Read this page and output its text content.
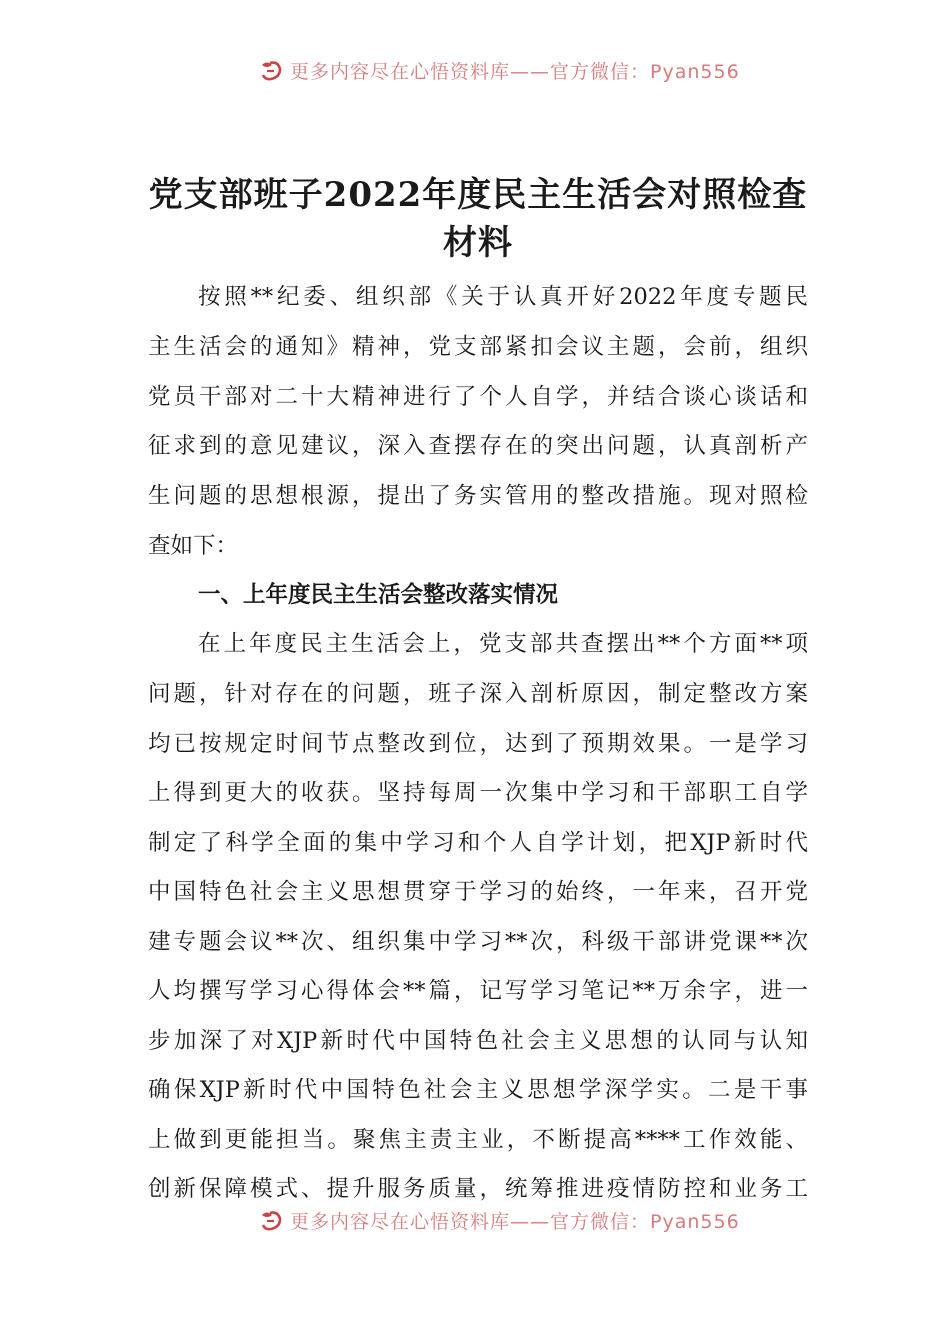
更多内容尽在心悟资料库——官方微信：Pyan556
党支部班子2022年度民主生活会对照检查
材料
按照**纪委、组织部《关于认真开好2022年度专题民
主生活会的通知》精神，党支部紧扣会议主题，会前，组织
党员干部对二十大精神进行了个人自学，并结合谈心谈话和
征求到的意见建议，深入查摆存在的突出问题，认真剖析产
生问题的思想根源，提出了务实管用的整改措施。现对照检
查如下：
一、上年度民主生活会整改落实情况
在上年度民主生活会上，党支部共查摆出**个方面**项
问题，针对存在的问题，班子深入剖析原因，制定整改方案
均已按规定时间节点整改到位，达到了预期效果。一是学习
上得到更大的收获。坚持每周一次集中学习和干部职工自学
制定了科学全面的集中学习和个人自学计划，把XJP新时代
中国特色社会主义思想贯穿于学习的始终，一年来，召开党
建专题会议**次、组织集中学习**次，科级干部讲党课**次
人均撰写学习心得体会**篇，记写学习笔记**万余字，进一
步加深了对XJP新时代中国特色社会主义思想的认同与认知
确保XJP新时代中国特色社会主义思想学深学实。二是干事
上做到更能担当。聚焦主责主业，不断提高****工作效能、
创新保障模式、提升服务质量，统筹推进疫情防控和业务工
更多内容尽在心悟资料库——官方微信：Pyan556
